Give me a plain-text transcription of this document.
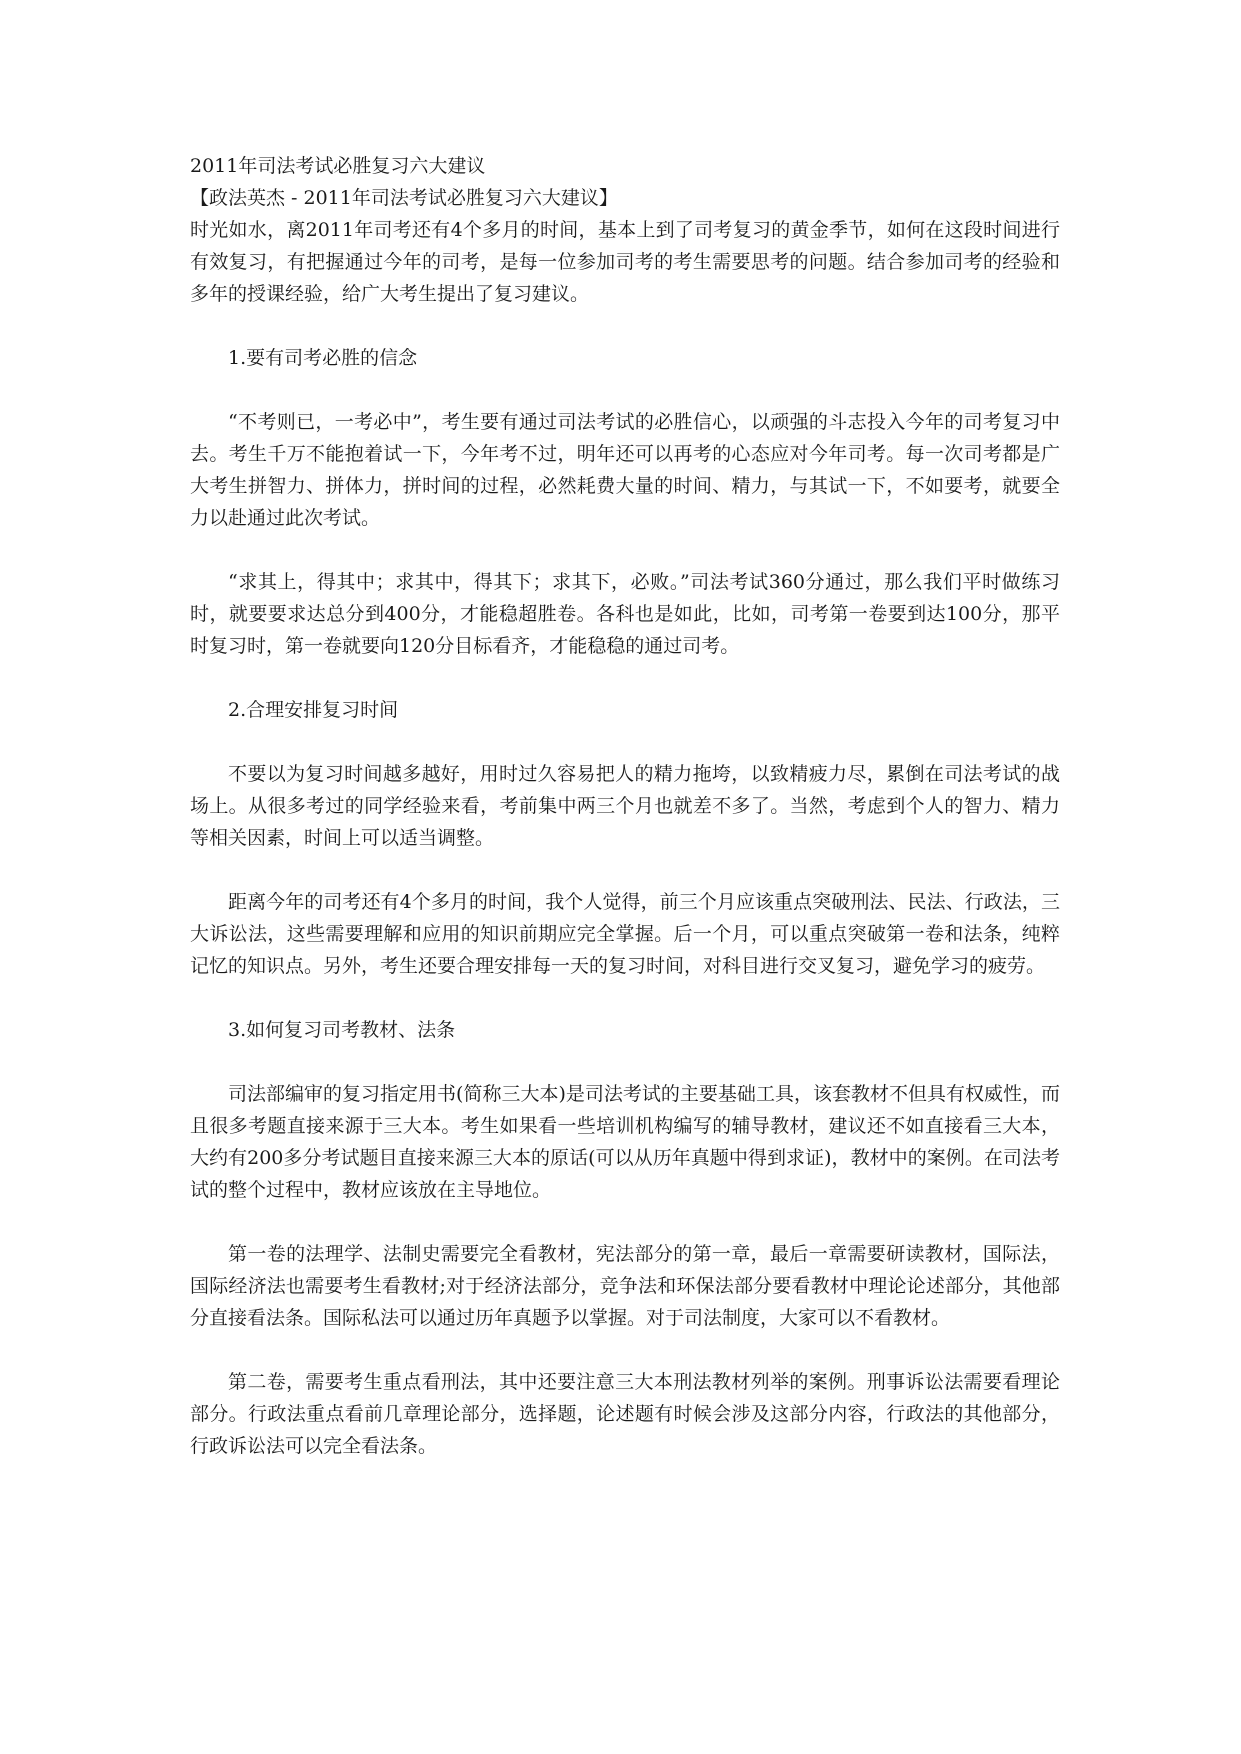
2011年司法考试必胜复习六大建议

【政法英杰 - 2011年司法考试必胜复习六大建议】

时光如水，离2011年司考还有4个多月的时间，基本上到了司考复习的黄金季节，如何在这段时间进行有效复习，有把握通过今年的司考，是每一位参加司考的考生需要思考的问题。结合参加司考的经验和多年的授课经验，给广大考生提出了复习建议。

1.要有司考必胜的信念

“不考则已，一考必中”，考生要有通过司法考试的必胜信心，以顽强的斗志投入今年的司考复习中去。考生千万不能抱着试一下，今年考不过，明年还可以再考的心态应对今年司考。每一次司考都是广大考生拼智力、拼体力，拼时间的过程，必然耗费大量的时间、精力，与其试一下，不如要考，就要全力以赴通过此次考试。

“求其上，得其中；求其中，得其下；求其下，必败。”司法考试360分通过，那么我们平时做练习时，就要要求达总分到400分，才能稳超胜卷。各科也是如此，比如，司考第一卷要到达100分，那平时复习时，第一卷就要向120分目标看齐，才能稳稳的通过司考。

2.合理安排复习时间

不要以为复习时间越多越好，用时过久容易把人的精力拖垮，以致精疲力尽，累倒在司法考试的战场上。从很多考过的同学经验来看，考前集中两三个月也就差不多了。当然，考虑到个人的智力、精力等相关因素，时间上可以适当调整。

距离今年的司考还有4个多月的时间，我个人觉得，前三个月应该重点突破刑法、民法、行政法，三大诉讼法，这些需要理解和应用的知识前期应完全掌握。后一个月，可以重点突破第一卷和法条，纯粹记忆的知识点。另外，考生还要合理安排每一天的复习时间，对科目进行交叉复习，避免学习的疲劳。

3.如何复习司考教材、法条

司法部编审的复习指定用书(简称三大本)是司法考试的主要基础工具，该套教材不但具有权威性，而且很多考题直接来源于三大本。考生如果看一些培训机构编写的辅导教材，建议还不如直接看三大本，大约有200多分考试题目直接来源三大本的原话(可以从历年真题中得到求证)，教材中的案例。在司法考试的整个过程中，教材应该放在主导地位。

第一卷的法理学、法制史需要完全看教材，宪法部分的第一章，最后一章需要研读教材，国际法，国际经济法也需要考生看教材;对于经济法部分，竞争法和环保法部分要看教材中理论论述部分，其他部分直接看法条。国际私法可以通过历年真题予以掌握。对于司法制度，大家可以不看教材。

第二卷，需要考生重点看刑法，其中还要注意三大本刑法教材列举的案例。刑事诉讼法需要看理论部分。行政法重点看前几章理论部分，选择题，论述题有时候会涉及这部分内容，行政法的其他部分，行政诉讼法可以完全看法条。
